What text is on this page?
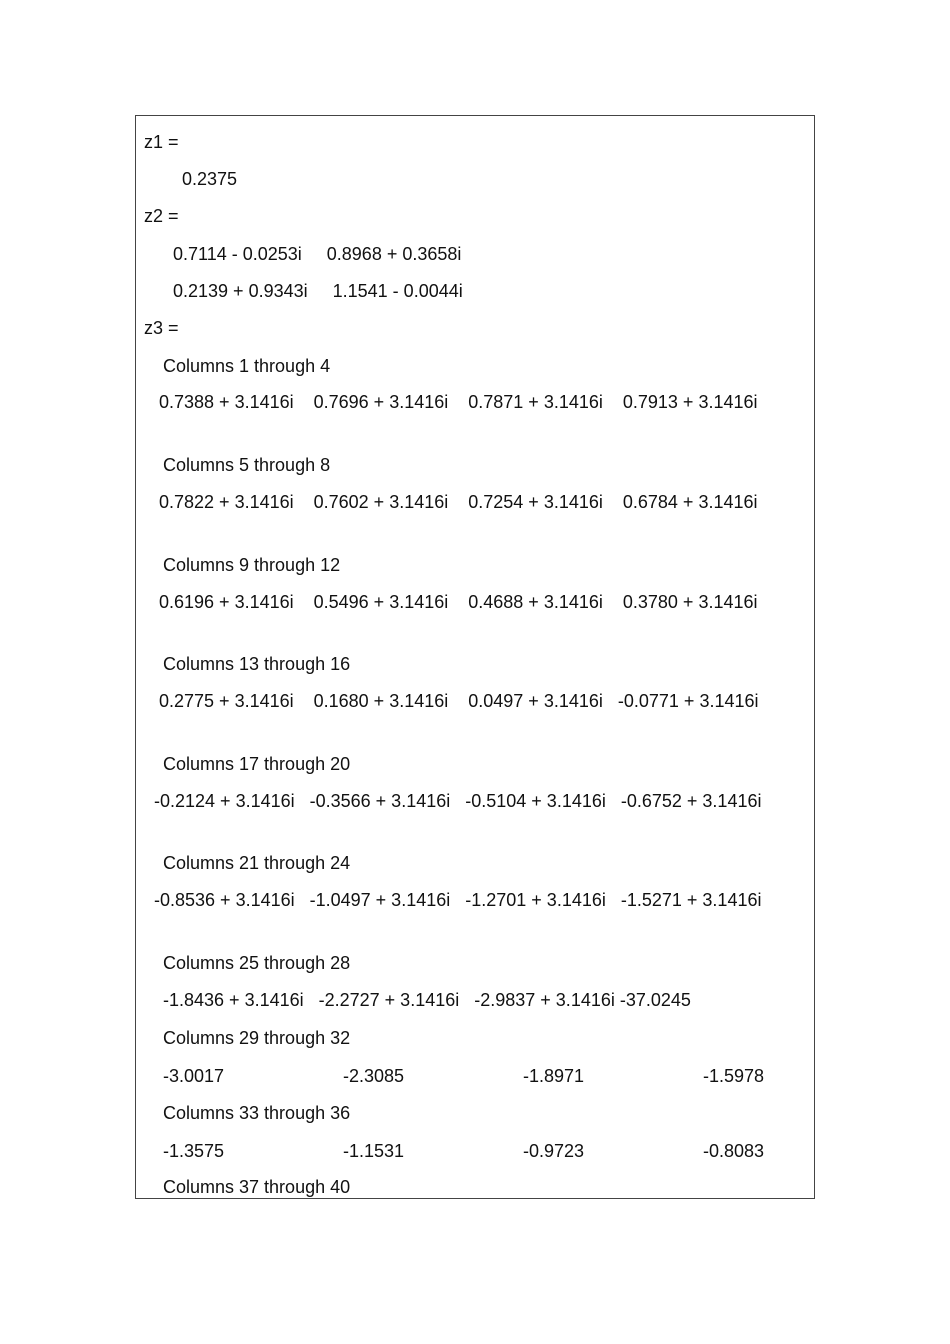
z1 =
0.2375
z2 =
0.7114 - 0.0253i     0.8968 + 0.3658i
0.2139 + 0.9343i     1.1541 - 0.0044i
z3 =
Columns 1 through 4
0.7388 + 3.1416i    0.7696 + 3.1416i    0.7871 + 3.1416i    0.7913 + 3.1416i
Columns 5 through 8
0.7822 + 3.1416i    0.7602 + 3.1416i    0.7254 + 3.1416i    0.6784 + 3.1416i
Columns 9 through 12
0.6196 + 3.1416i    0.5496 + 3.1416i    0.4688 + 3.1416i    0.3780 + 3.1416i
Columns 13 through 16
0.2775 + 3.1416i    0.1680 + 3.1416i    0.0497 + 3.1416i   -0.0771 + 3.1416i
Columns 17 through 20
-0.2124 + 3.1416i   -0.3566 + 3.1416i   -0.5104 + 3.1416i   -0.6752 + 3.1416i
Columns 21 through 24
-0.8536 + 3.1416i   -1.0497 + 3.1416i   -1.2701 + 3.1416i   -1.5271 + 3.1416i
Columns 25 through 28
-1.8436 + 3.1416i   -2.2727 + 3.1416i   -2.9837 + 3.1416i -37.0245
Columns 29 through 32
-3.0017	-2.3085	-1.8971	-1.5978
Columns 33 through 36
-1.3575	-1.1531	-0.9723	-0.8083
Columns 37 through 40
